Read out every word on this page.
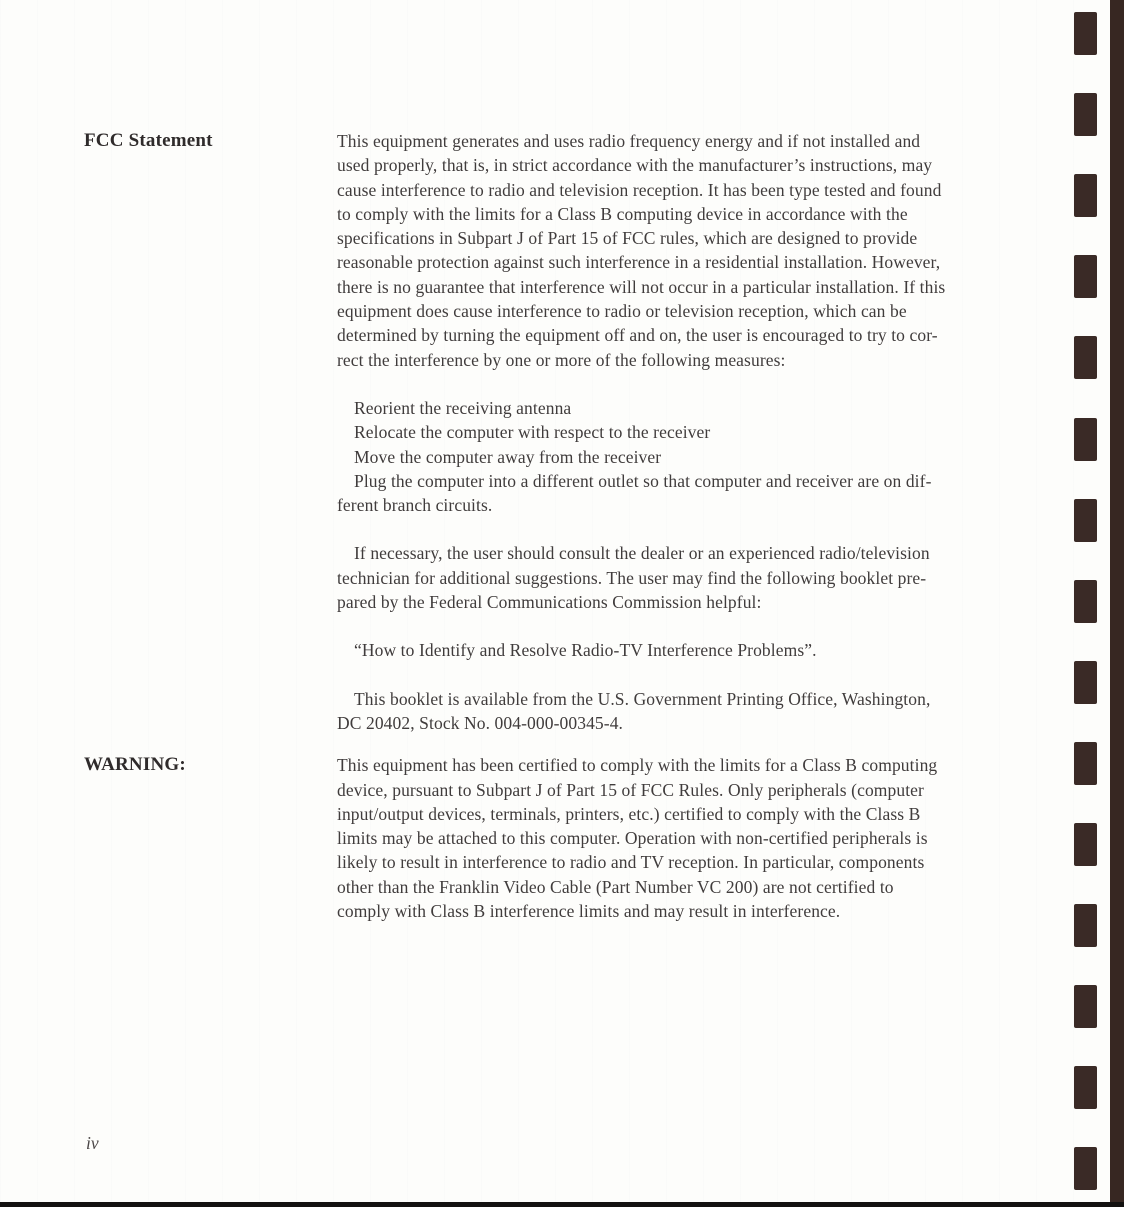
FCC Statement	This equipment generates and uses radio frequency energy and if not installed and
used properly, that is, in strict accordance with the manufacturer’s instructions, may
cause interference to radio and television reception. It has been type tested and found
to comply with the limits for a Class B computing device in accordance with the
specifications in Subpart J of Part 15 of FCC rules, which are designed to provide
reasonable protection against such interference in a residential installation. However,
there is no guarantee that interference will not occur in a particular installation. If this
equipment does cause interference to radio or television reception, which can be
determined by turning the equipment off and on, the user is encouraged to try to cor-
rect the interference by one or more of the following measures:
Reorient the receiving antenna
Relocate the computer with respect to the receiver
Move the computer away from the receiver
Plug the computer into a different outlet so that computer and receiver are on dif-
ferent branch circuits.
If necessary, the user should consult the dealer or an experienced radio/television
technician for additional suggestions. The user may find the following booklet pre-
pared by the Federal Communications Commission helpful:
“How to Identify and Resolve Radio-TV Interference Problems”.
This booklet is available from the U.S. Government Printing Office, Washington,
DC 20402, Stock No. 004-000-00345-4.
WARNING:	This equipment has been certified to comply with the limits for a Class B computing
device, pursuant to Subpart J of Part 15 of FCC Rules. Only peripherals (computer
input/output devices, terminals, printers, etc.) certified to comply with the Class B
limits may be attached to this computer. Operation with non-certified peripherals is
likely to result in interference to radio and TV reception. In particular, components
other than the Franklin Video Cable (Part Number VC 200) are not certified to
comply with Class B interference limits and may result in interference.
iv
